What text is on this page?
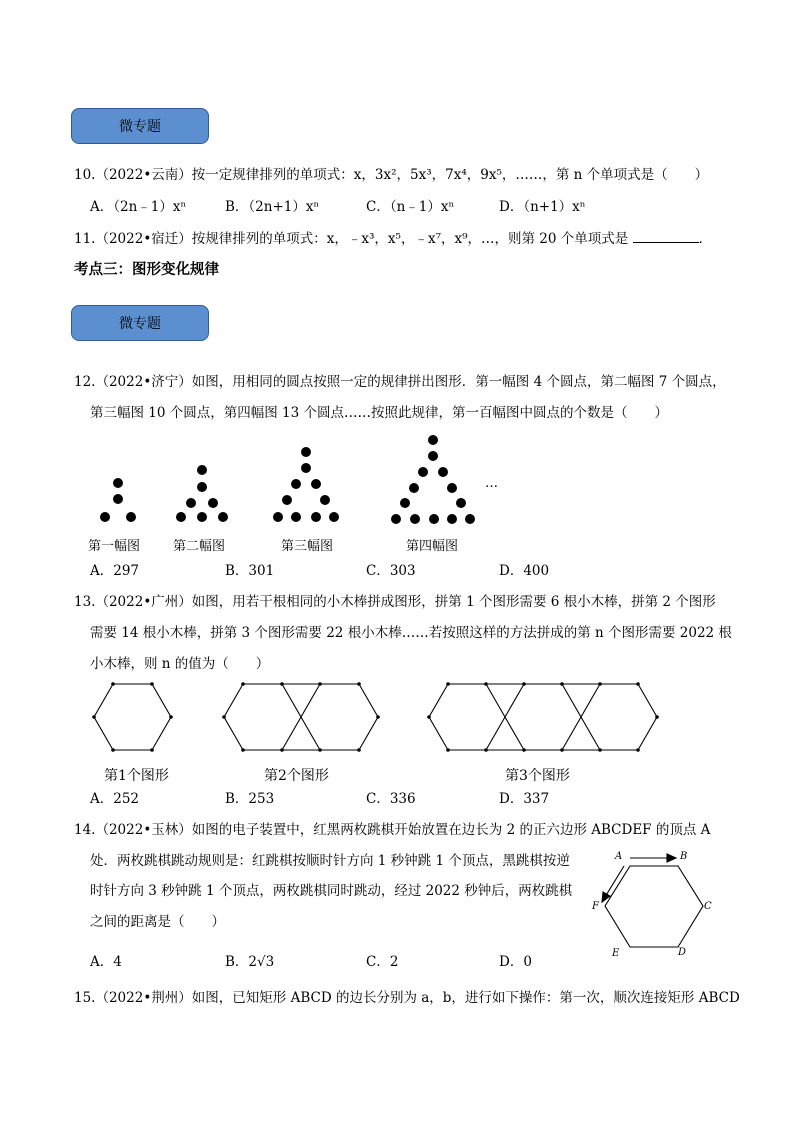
微专题
10.（2022•云南）按一定规律排列的单项式：x，3x²，5x³，7x⁴，9x⁵，……，第 n 个单项式是（　　）
A．（2n﹣1）xⁿ	B．（2n+1）xⁿ	C．（n﹣1）xⁿ	D．（n+1）xⁿ
11.（2022•宿迁）按规律排列的单项式：x，﹣x³，x⁵，﹣x⁷，x⁹，…，则第 20 个单项式是	．
考点三：图形变化规律
微专题
12.（2022•济宁）如图，用相同的圆点按照一定的规律拼出图形．第一幅图 4 个圆点，第二幅图 7 个圆点，
第三幅图 10 个圆点，第四幅图 13 个圆点……按照此规律，第一百幅图中圆点的个数是（　　）
第一幅图	第二幅图	第三幅图	第四幅图
…
A．297	B．301	C．303	D．400
13.（2022•广州）如图，用若干根相同的小木棒拼成图形，拼第 1 个图形需要 6 根小木棒，拼第 2 个图形
需要 14 根小木棒，拼第 3 个图形需要 22 根小木棒……若按照这样的方法拼成的第 n 个图形需要 2022 根
小木棒，则 n 的值为（　　）
第1个图形	第2个图形	第3个图形
A．252	B．253	C．336	D．337
14.（2022•玉林）如图的电子装置中，红黑两枚跳棋开始放置在边长为 2 的正六边形 ABCDEF 的顶点 A
处．两枚跳棋跳动规则是：红跳棋按顺时针方向 1 秒钟跳 1 个顶点，黑跳棋按逆
时针方向 3 秒钟跳 1 个顶点，两枚跳棋同时跳动，经过 2022 秒钟后，两枚跳棋
之间的距离是（　　）
A	B
C
D
E
F
A．4	B．2√3	C．2	D．0
15.（2022•荆州）如图，已知矩形 ABCD 的边长分别为 a，b，进行如下操作：第一次，顺次连接矩形 ABCD
